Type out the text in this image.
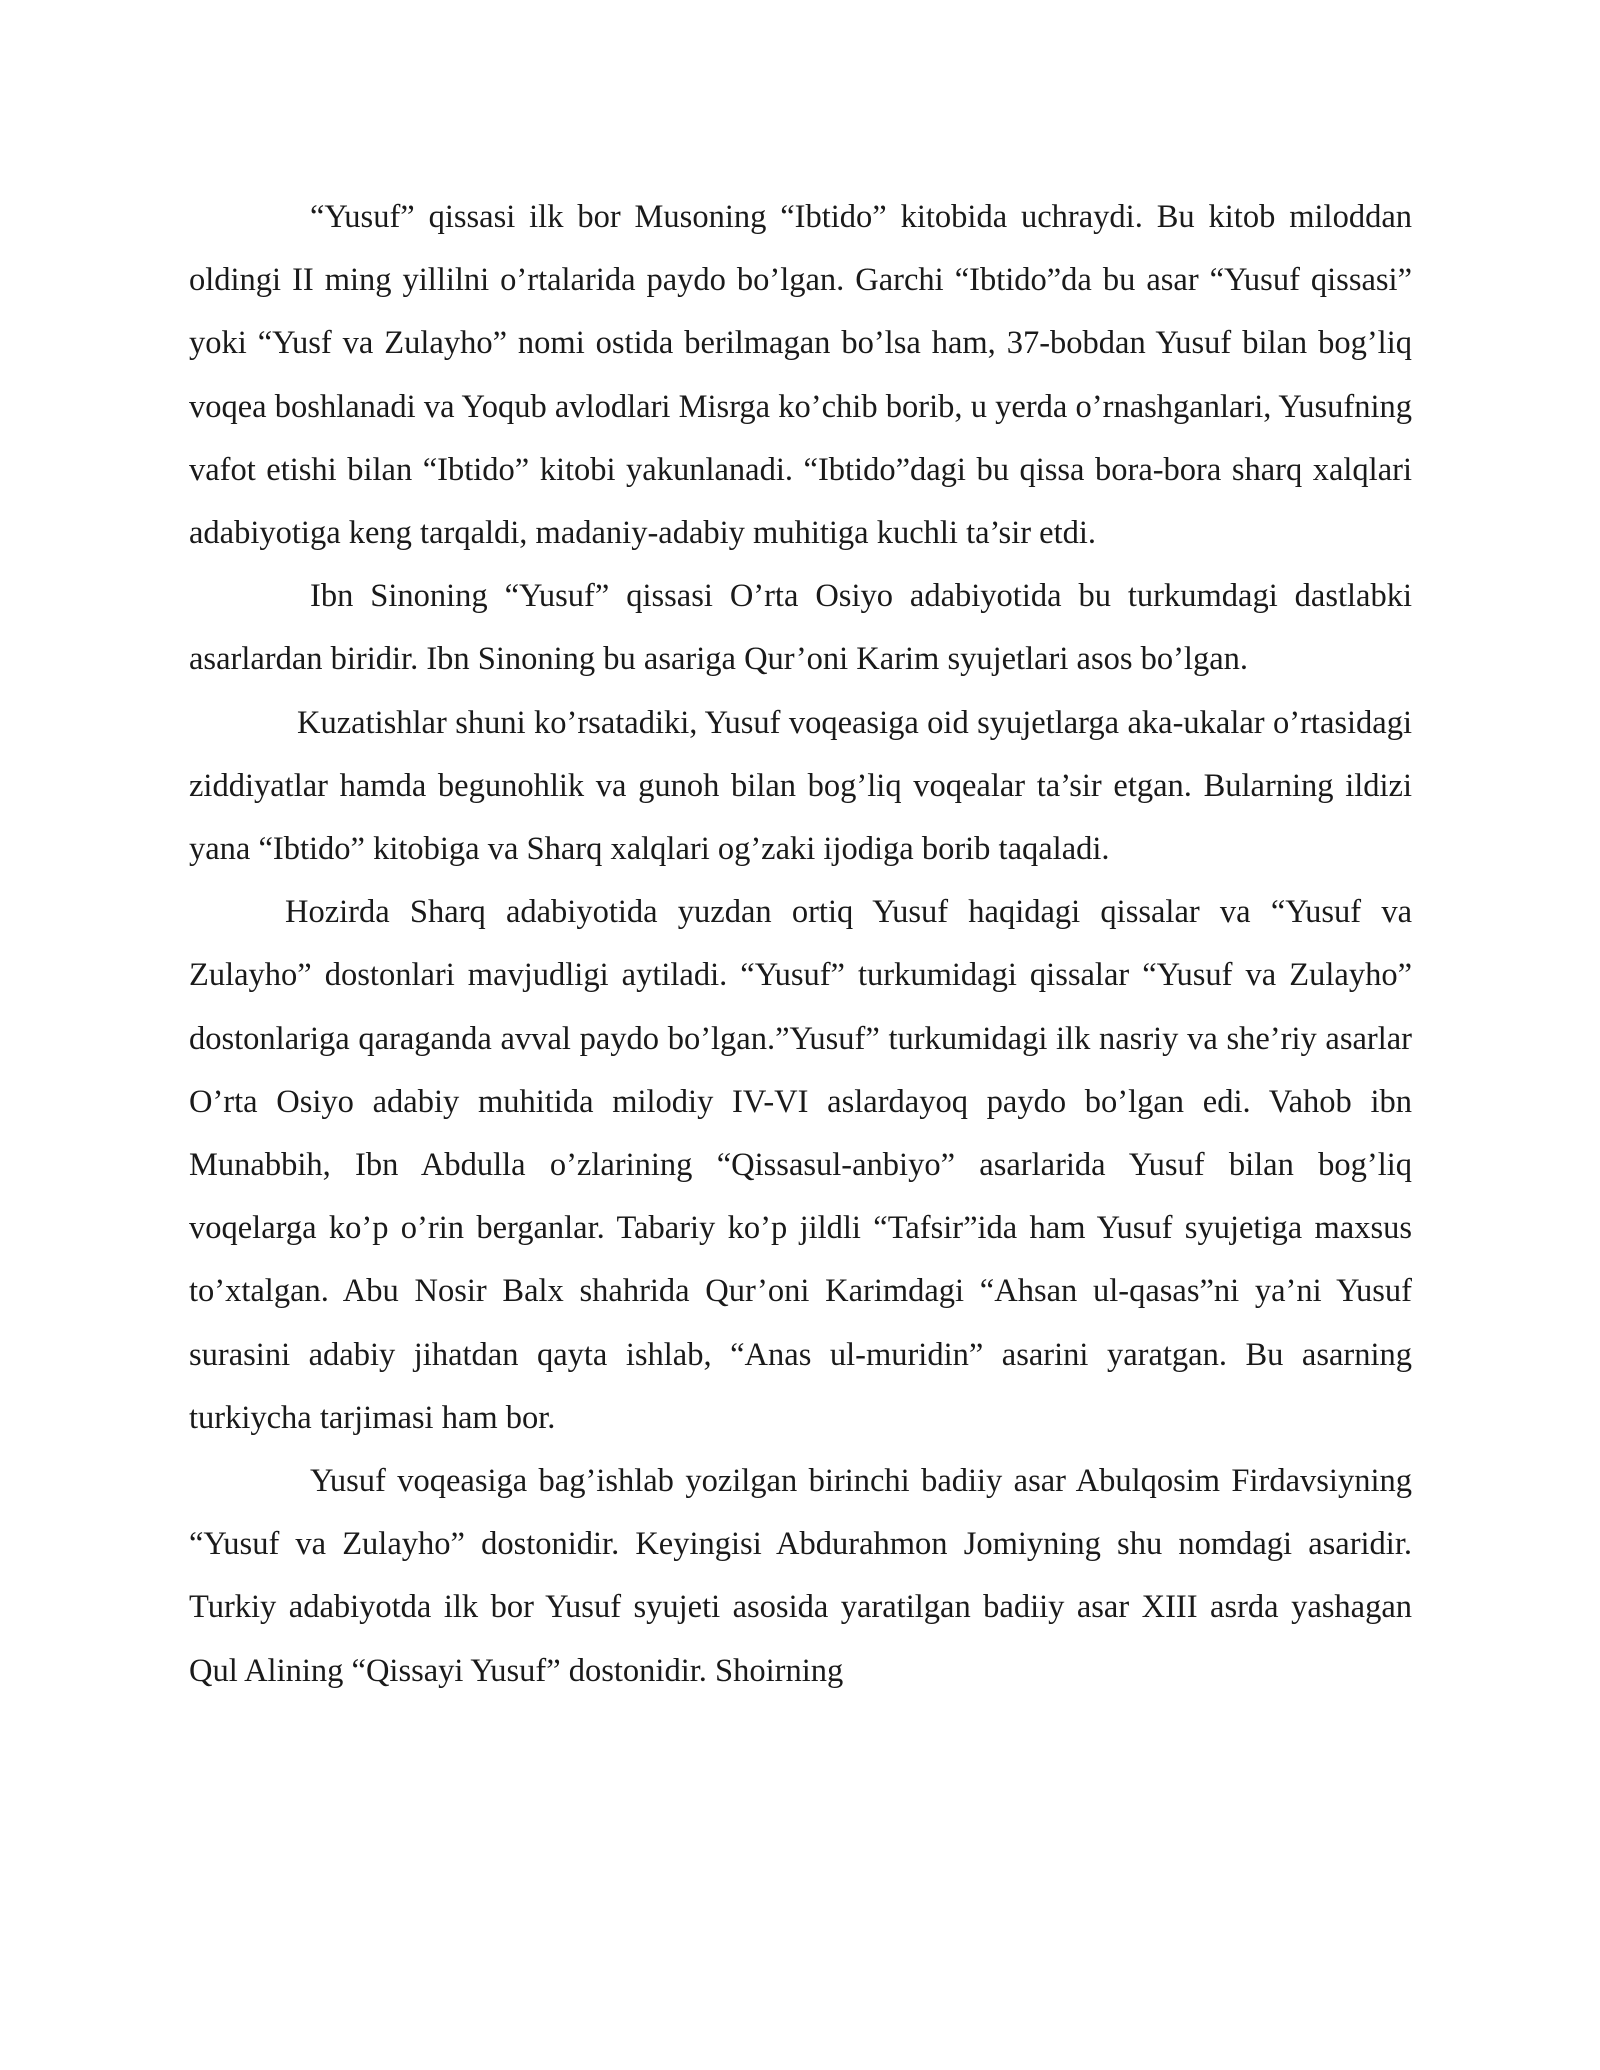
“Yusuf” qissasi ilk bor Musoning “Ibtido” kitobida uchraydi. Bu kitob miloddan oldingi II ming yillilni o’rtalarida paydo bo’lgan. Garchi “Ibtido”da bu asar “Yusuf qissasi” yoki “Yusf va Zulayho” nomi ostida berilmagan bo’lsa ham, 37-bobdan Yusuf bilan bog’liq voqea boshlanadi va Yoqub avlodlari Misrga ko’chib borib, u yerda o’rnashganlari, Yusufning vafot etishi bilan “Ibtido” kitobi yakunlanadi. “Ibtido”dagi bu qissa bora-bora sharq xalqlari adabiyotiga keng tarqaldi, madaniy-adabiy muhitiga kuchli ta’sir etdi.

Ibn Sinoning “Yusuf” qissasi O’rta Osiyo adabiyotida bu turkumdagi dastlabki asarlardan biridir. Ibn Sinoning bu asariga Qur’oni Karim syujetlari asos bo’lgan.

Kuzatishlar shuni ko’rsatadiki, Yusuf voqeasiga oid syujetlarga aka-ukalar o’rtasidagi ziddiyatlar hamda begunohlik va gunoh bilan bog’liq voqealar ta’sir etgan. Bularning ildizi yana “Ibtido” kitobiga va Sharq xalqlari og’zaki ijodiga borib taqaladi.

Hozirda Sharq adabiyotida yuzdan ortiq Yusuf haqidagi qissalar va “Yusuf va Zulayho” dostonlari mavjudligi aytiladi. “Yusuf” turkumidagi qissalar “Yusuf va Zulayho” dostonlariga qaraganda avval paydo bo’lgan.”Yusuf” turkumidagi ilk nasriy va she’riy asarlar O’rta Osiyo adabiy muhitida milodiy IV-VI aslardayoq paydo bo’lgan edi. Vahob ibn Munabbih, Ibn Abdulla o’zlarining “Qissasul-anbiyo” asarlarida Yusuf bilan bog’liq voqelarga ko’p o’rin berganlar. Tabariy ko’p jildli “Tafsir”ida ham Yusuf syujetiga maxsus to’xtalgan. Abu Nosir Balx shahrida Qur’oni Karimdagi “Ahsan ul-qasas”ni ya’ni Yusuf surasini adabiy jihatdan qayta ishlab, “Anas ul-muridin” asarini yaratgan. Bu asarning turkiycha tarjimasi ham bor.

Yusuf voqeasiga bag’ishlab yozilgan birinchi badiiy asar Abulqosim Firdavsiyning “Yusuf va Zulayho” dostonidir. Keyingisi Abdurahmon Jomiyning shu nomdagi asaridir. Turkiy adabiyotda ilk bor Yusuf syujeti asosida yaratilgan badiiy asar XIII asrda yashagan Qul Alining “Qissayi Yusuf” dostonidir. Shoirning
